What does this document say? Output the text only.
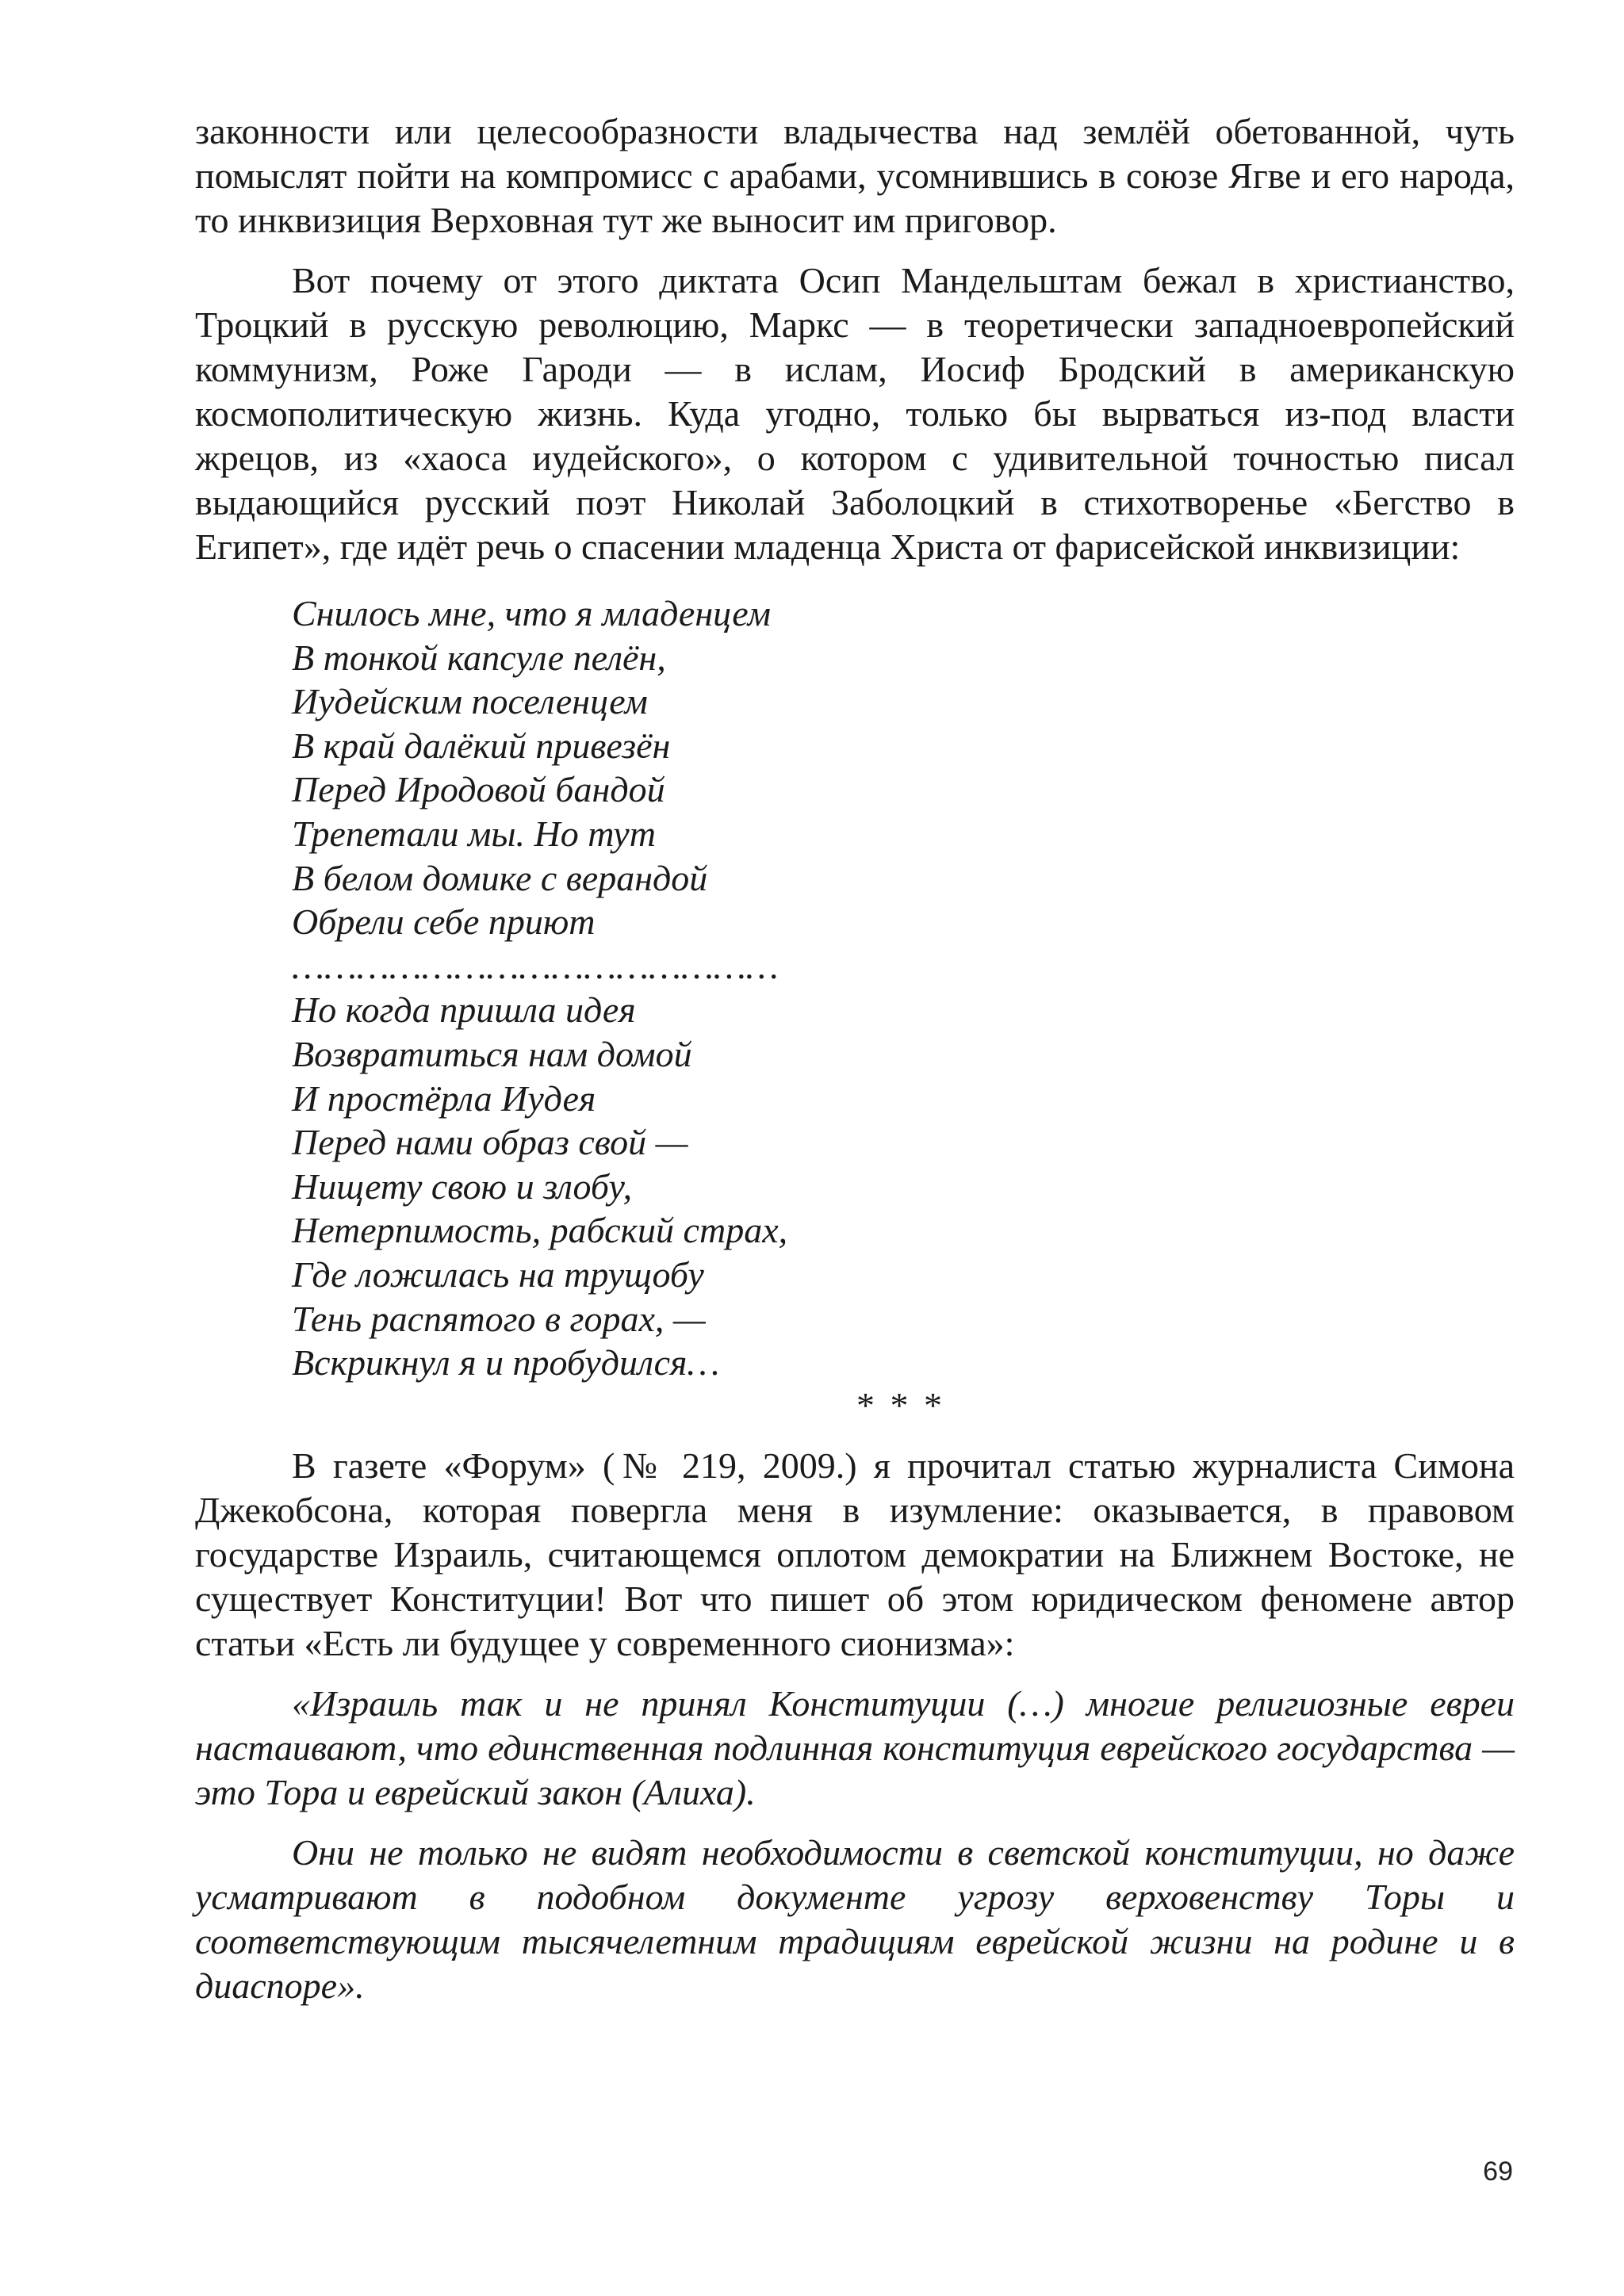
законности или целесообразности владычества над землёй обетованной, чуть помыслят пойти на компромисс с арабами, усомнившись в союзе Ягве и его народа, то инквизиция Верховная тут же выносит им приговор.

Вот почему от этого диктата Осип Мандельштам бежал в христианство, Троцкий в русскую революцию, Маркс — в теоретически западноевропейский коммунизм, Роже Гароди — в ислам, Иосиф Бродский в американскую космополитическую жизнь. Куда угодно, только бы вырваться из-под власти жрецов, из «хаоса иудейского», о котором с удивительной точностью писал выдающийся русский поэт Николай Заболоцкий в стихотворенье «Бегство в Египет», где идёт речь о спасении младенца Христа от фарисейской инквизиции:

Снилось мне, что я младенцем
В тонкой капсуле пелён,
Иудейским поселенцем
В край далёкий привезён
Перед Иродовой бандой
Трепетали мы. Но тут
В белом домике с верандой
Обрели себе приют
………………………………………
Но когда пришла идея
Возвратиться нам домой
И простёрла Иудея
Перед нами образ свой —
Нищету свою и злобу,
Нетерпимость, рабский страх,
Где ложилась на трущобу
Тень распятого в горах, —
Вскрикнул я и пробудился…
* * *

В газете «Форум» (№ 219, 2009.) я прочитал статью журналиста Симона Джекобсона, которая повергла меня в изумление: оказывается, в правовом государстве Израиль, считающемся оплотом демократии на Ближнем Востоке, не существует Конституции! Вот что пишет об этом юридическом феномене автор статьи «Есть ли будущее у современного сионизма»:

«Израиль так и не принял Конституции (…) многие религиозные евреи настаивают, что единственная подлинная конституция еврейского государства — это Тора и еврейский закон (Алиха).

Они не только не видят необходимости в светской конституции, но даже усматривают в подобном документе угрозу верховенству Торы и соответствующим тысячелетним традициям еврейской жизни на родине и в диаспоре».

69
